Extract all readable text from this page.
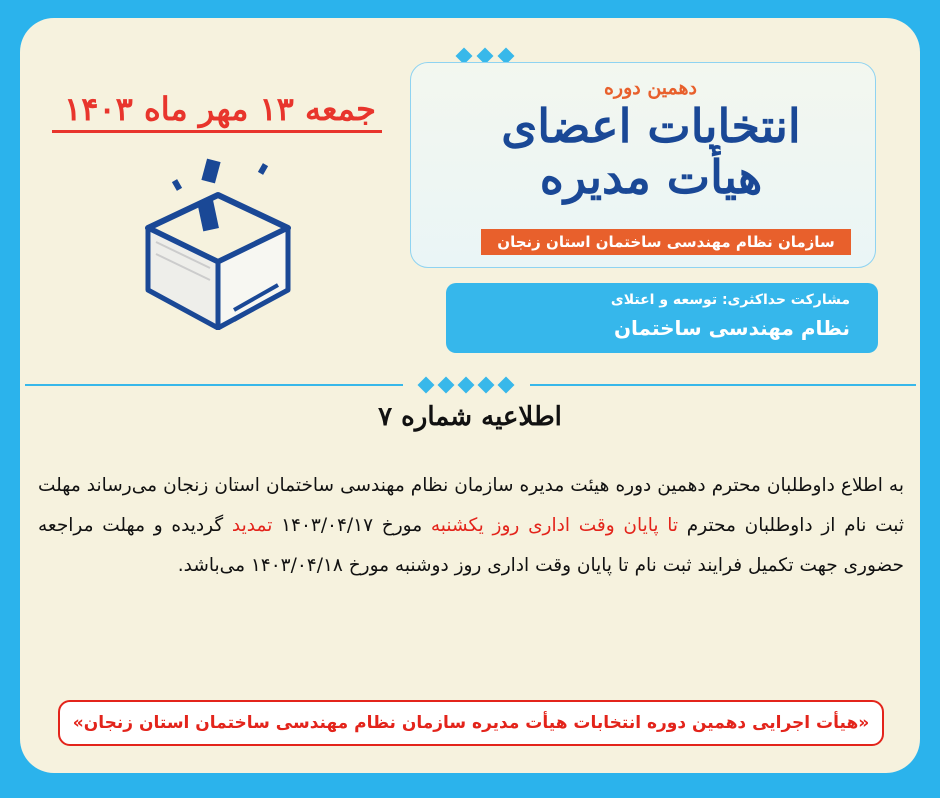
دهمین دوره
انتخابات اعضای هیأت مدیره
سازمان نظام مهندسی ساختمان استان زنجان
مشارکت حداکثری: توسعه و اعتلای
نظام مهندسی ساختمان
جمعه ۱۳ مهر ماه ۱۴۰۳
اطلاعیه شماره ۷
به اطلاع داوطلبان محترم دهمین دوره هیئت مدیره سازمان نظام مهندسی ساختمان استان زنجان می‌رساند مهلت ثبت نام از داوطلبان محترم تا پایان وقت اداری روز یکشنبه مورخ ۱۴۰۳/۰۴/۱۷ تمدید گردیده و مهلت مراجعه حضوری جهت تکمیل فرایند ثبت نام تا پایان وقت اداری روز دوشنبه مورخ ۱۴۰۳/۰۴/۱۸ می‌باشد.
«هیأت اجرایی دهمین دوره انتخابات هیأت مدیره سازمان نظام مهندسی ساختمان استان زنجان»
